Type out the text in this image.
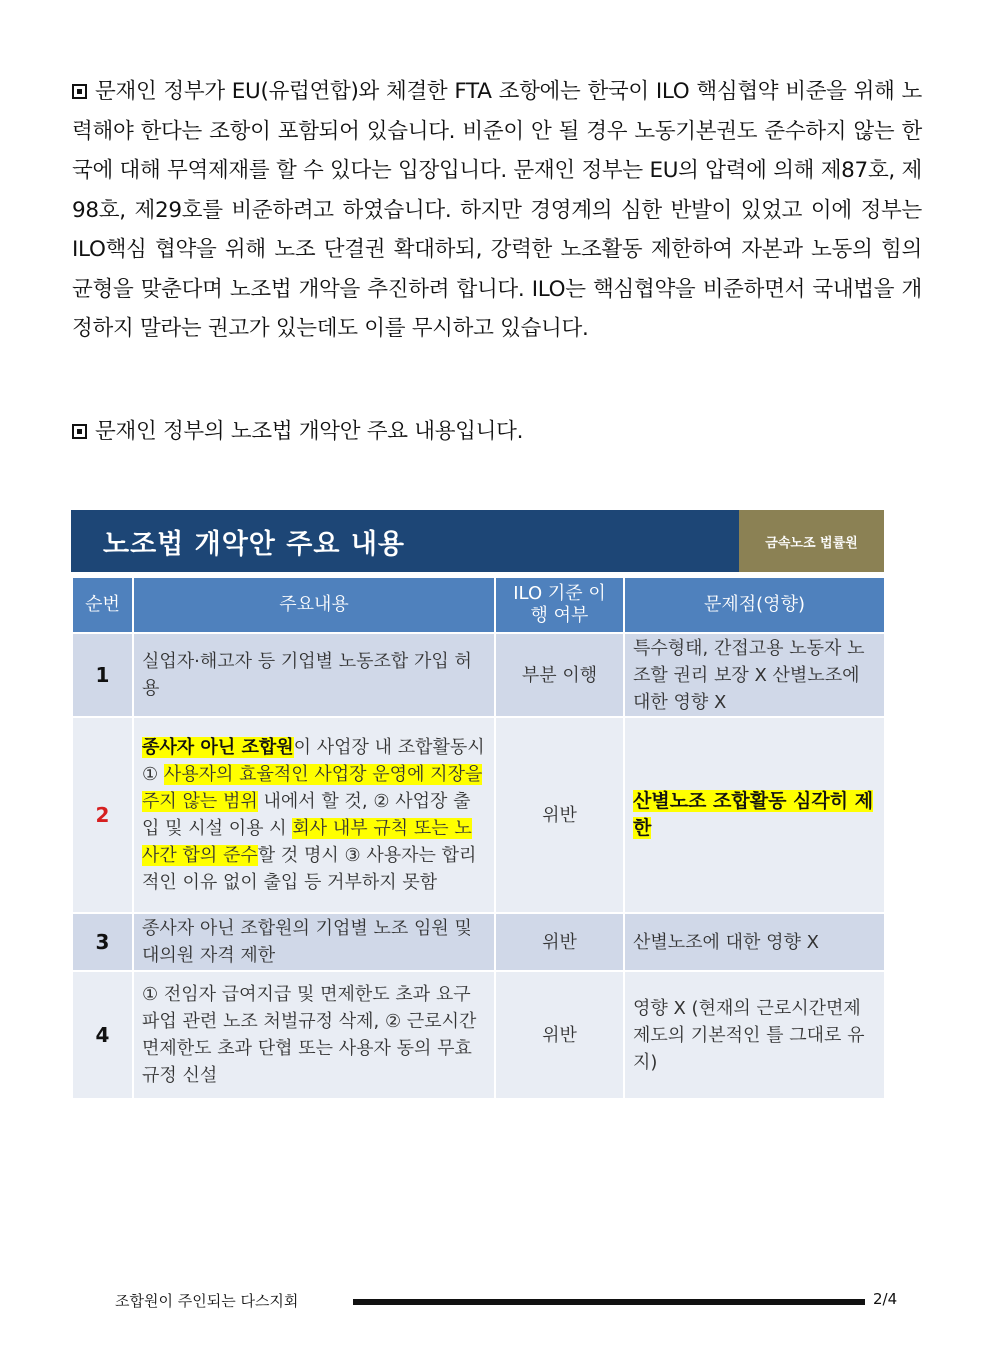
문재인 정부가 EU(유럽연합)와 체결한 FTA 조항에는 한국이 ILO 핵심협약 비준을 위해 노력해야 한다는 조항이 포함되어 있습니다. 비준이 안 될 경우 노동기본권도 준수하지 않는 한국에 대해 무역제재를 할 수 있다는 입장입니다. 문재인 정부는 EU의 압력에 의해 제87호, 제98호, 제29호를 비준하려고 하였습니다. 하지만 경영계의 심한 반발이 있었고 이에 정부는 ILO핵심 협약을 위해 노조 단결권 확대하되, 강력한 노조활동 제한하여 자본과 노동의 힘의 균형을 맞춘다며 노조법 개악을 추진하려 합니다. ILO는 핵심협약을 비준하면서 국내법을 개정하지 말라는 권고가 있는데도 이를 무시하고 있습니다.

문재인 정부의 노조법 개악안 주요 내용입니다.

노조법 개악안 주요 내용	금속노조 법률원
순번	주요내용	ILO 기준 이행 여부	문제점(영향)
1	실업자·해고자 등 기업별 노동조합 가입 허용	부분 이행	특수형태, 간접고용 노동자 노조할 권리 보장 X 산별노조에 대한 영향 X
2	종사자 아닌 조합원이 사업장 내 조합활동시 ① 사용자의 효율적인 사업장 운영에 지장을 주지 않는 범위 내에서 할 것, ② 사업장 출입 및 시설 이용 시 회사 내부 규칙 또는 노사간 합의 준수할 것 명시 ③ 사용자는 합리적인 이유 없이 출입 등 거부하지 못함	위반	산별노조 조합활동 심각히 제한
3	종사자 아닌 조합원의 기업별 노조 임원 및 대의원 자격 제한	위반	산별노조에 대한 영향 X
4	① 전임자 급여지급 및 면제한도 초과 요구 파업 관련 노조 처벌규정 삭제, ② 근로시간면제한도 초과 단협 또는 사용자 동의 무효 규정 신설	위반	영향 X (현재의 근로시간면제제도의 기본적인 틀 그대로 유지)
조합원이 주인되는 다스지회	2/4
